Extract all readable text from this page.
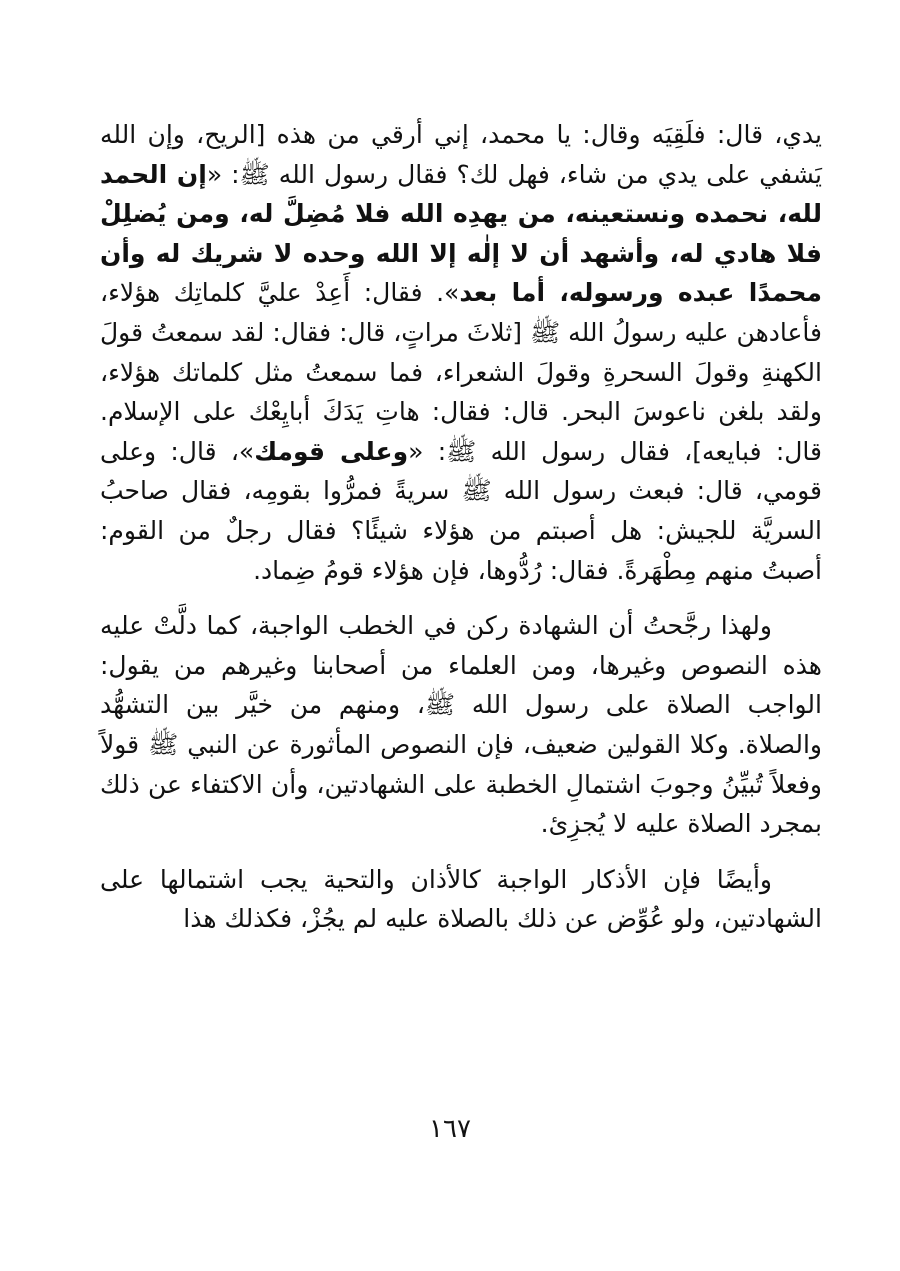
يدي، قال: فلَقِيَه وقال: يا محمد، إني أرقي من هذه [الريح، وإن الله يَشفي على يدي من شاء، فهل لك؟ فقال رسول الله ﷺ: «إن الحمد لله، نحمده ونستعينه، من يهدِه الله فلا مُضِلَّ له، ومن يُضلِلْ فلا هادي له، وأشهد أن لا إلٰه إلا الله وحده لا شريك له وأن محمدًا عبده ورسوله، أما بعد». فقال: أَعِدْ عليَّ كلماتِك هؤلاء، فأعادهن عليه رسولُ الله ﷺ [ثلاثَ مراتٍ، قال: فقال: لقد سمعتُ قولَ الكهنةِ وقولَ السحرةِ وقولَ الشعراء، فما سمعتُ مثل كلماتك هؤلاء، ولقد بلغن ناعوسَ البحر. قال: فقال: هاتِ يَدَكَ أبايِعْك على الإسلام. قال: فبايعه]، فقال رسول الله ﷺ: «وعلى قومك»، قال: وعلى قومي، قال: فبعث رسول الله ﷺ سريةً فمرُّوا بقومِه، فقال صاحبُ السريَّة للجيش: هل أصبتم من هؤلاء شيئًا؟ فقال رجلٌ من القوم: أصبتُ منهم مِطْهَرةً. فقال: رُدُّوها، فإن هؤلاء قومُ ضِماد.

ولهذا رجَّحتُ أن الشهادة ركن في الخطب الواجبة، كما دلَّتْ عليه هذه النصوص وغيرها، ومن العلماء من أصحابنا وغيرهم من يقول: الواجب الصلاة على رسول الله ﷺ، ومنهم من خيَّر بين التشهُّد والصلاة. وكلا القولين ضعيف، فإن النصوص المأثورة عن النبي ﷺ قولاً وفعلاً تُبيِّنُ وجوبَ اشتمالِ الخطبة على الشهادتين، وأن الاكتفاء عن ذلك بمجرد الصلاة عليه لا يُجزِئ.

وأيضًا فإن الأذكار الواجبة كالأذان والتحية يجب اشتمالها على الشهادتين، ولو عُوِّض عن ذلك بالصلاة عليه لم يجُزْ، فكذلك هذا

١٦٧
